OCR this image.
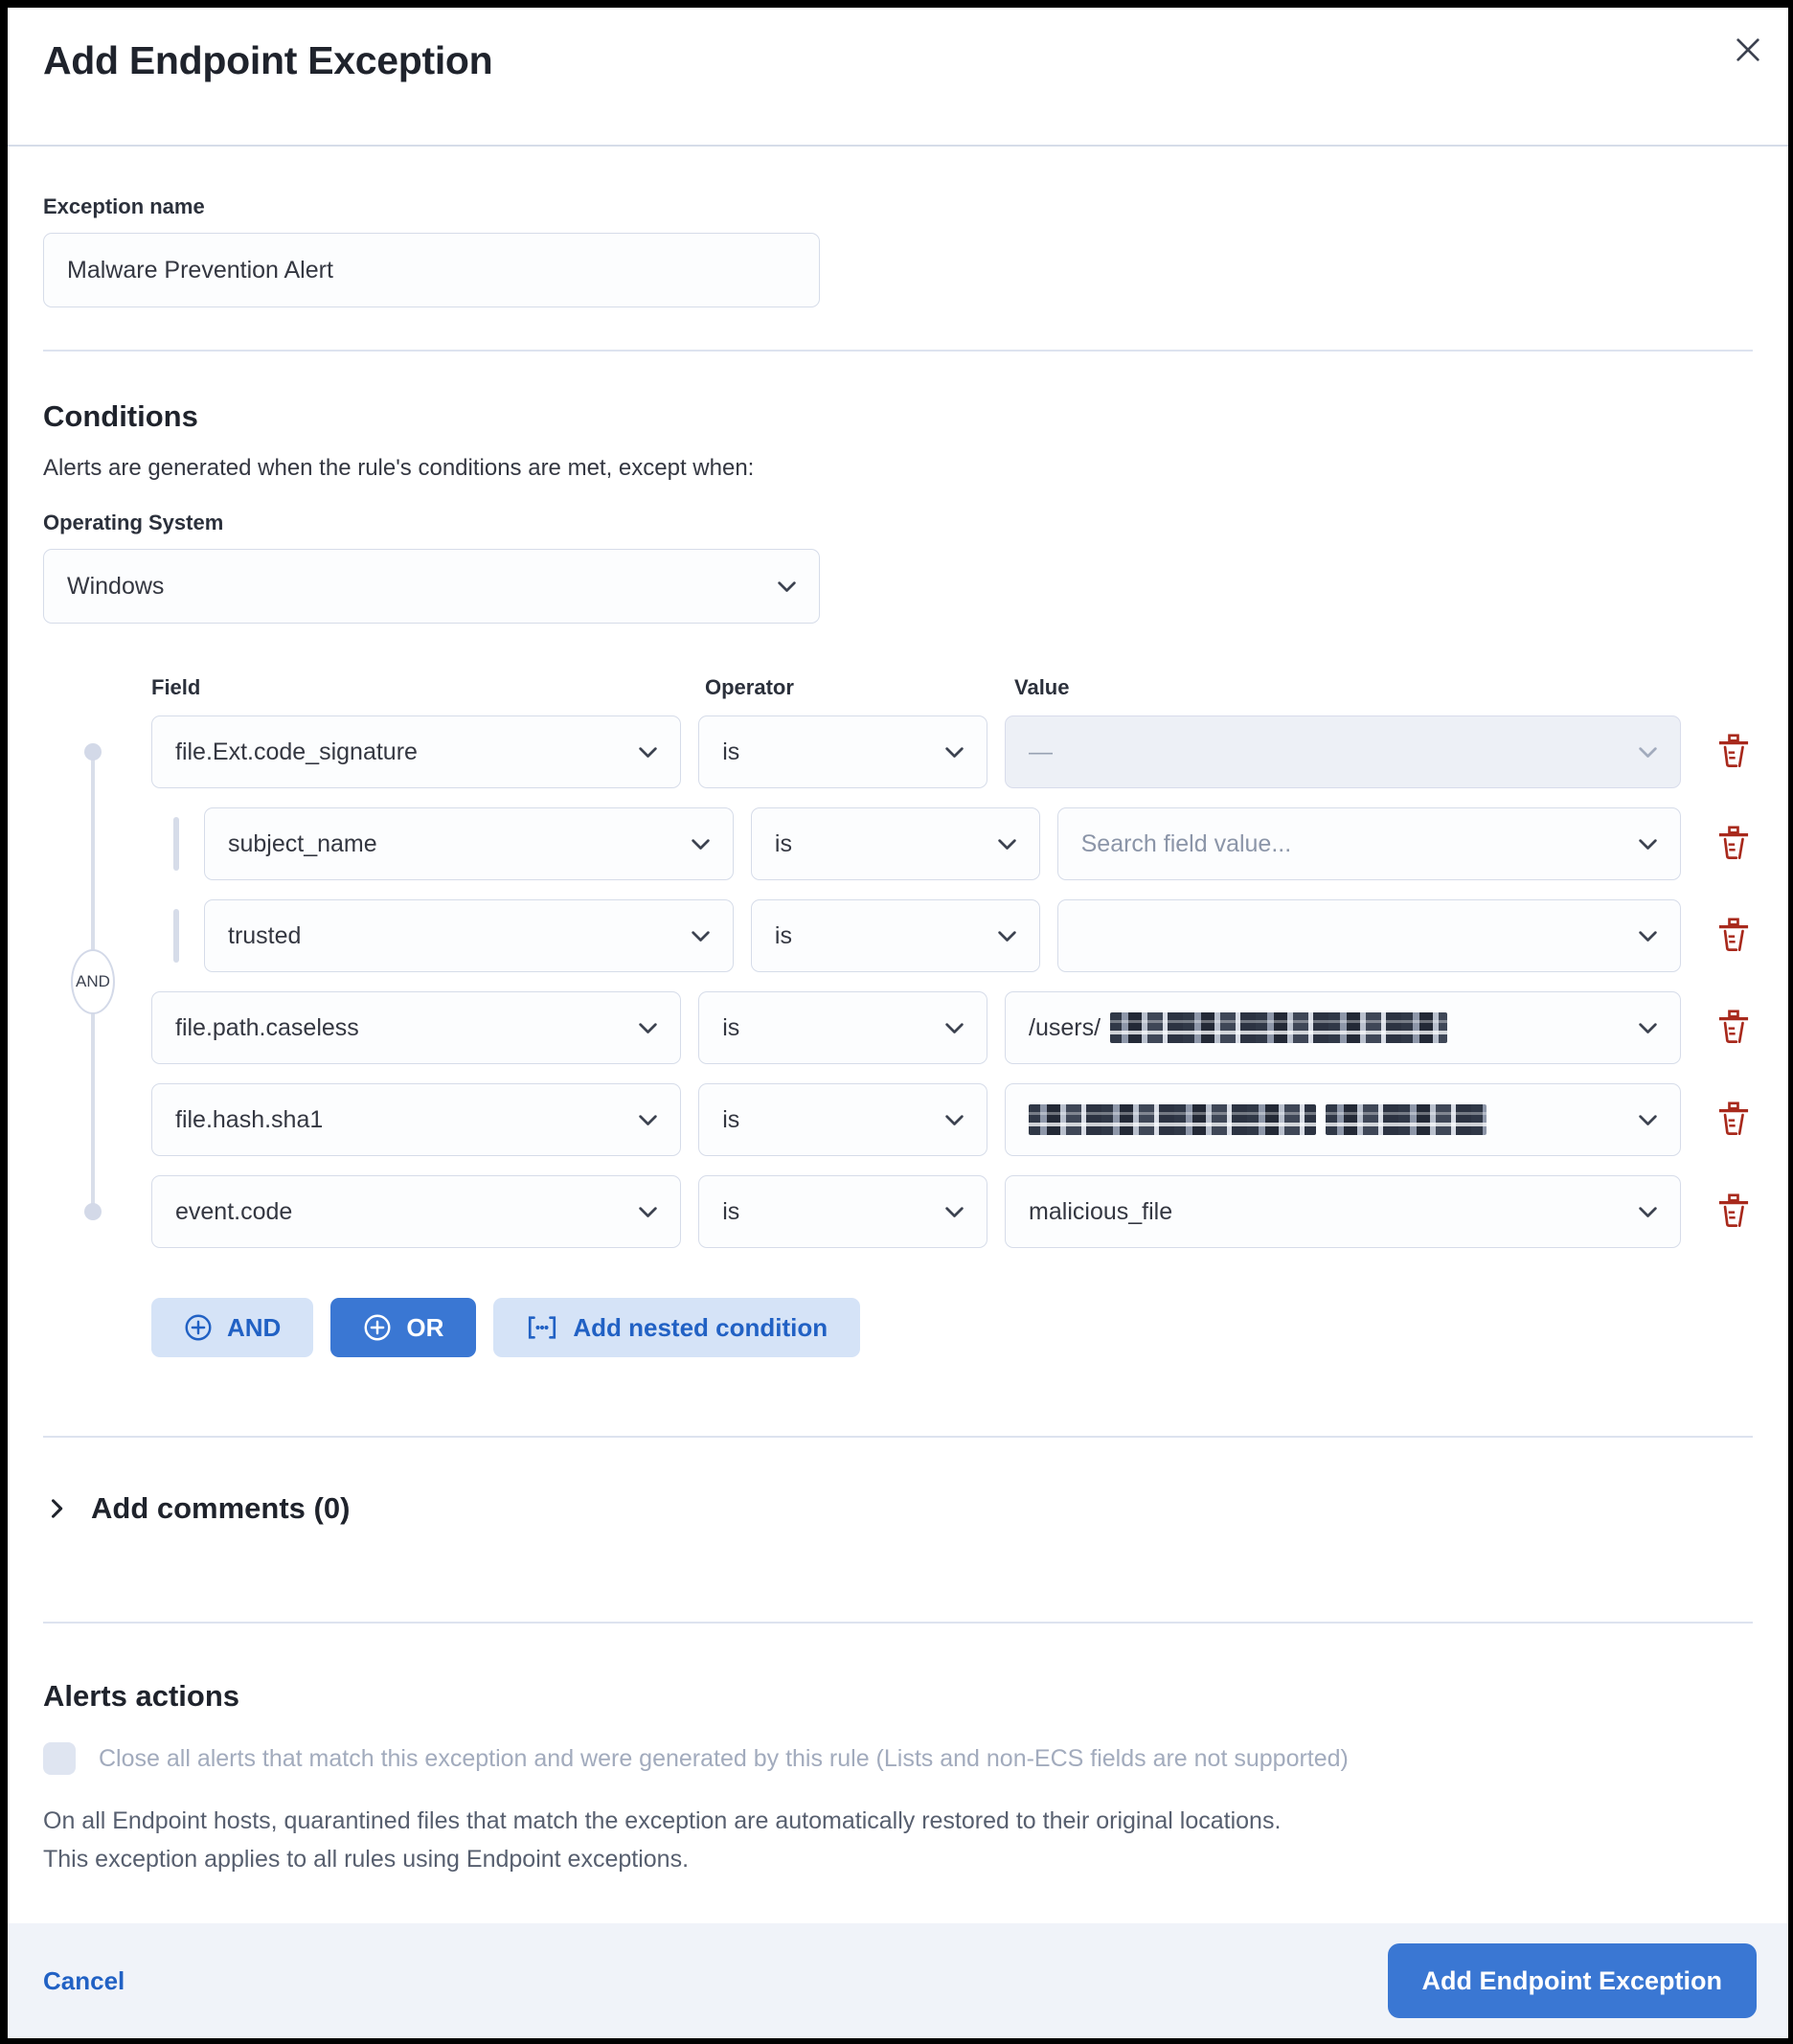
Add Endpoint Exception

Exception name

Malware Prevention Alert
Conditions

Alerts are generated when the rule's conditions are met, except when:

Operating System

Windows
Field	Operator	Value
AND
file.Ext.code_signature	is	—
subject_name	is	Search field value...
trusted	is
file.path.caseless	is	/users/
file.hash.sha1	is
event.code	is	malicious_file
AND	OR	Add nested condition
Add comments (0)
Alerts actions
Close all alerts that match this exception and were generated by this rule (Lists and non-ECS fields are not supported)

On all Endpoint hosts, quarantined files that match the exception are automatically restored to their original locations. This exception applies to all rules using Endpoint exceptions.

Cancel	Add Endpoint Exception
